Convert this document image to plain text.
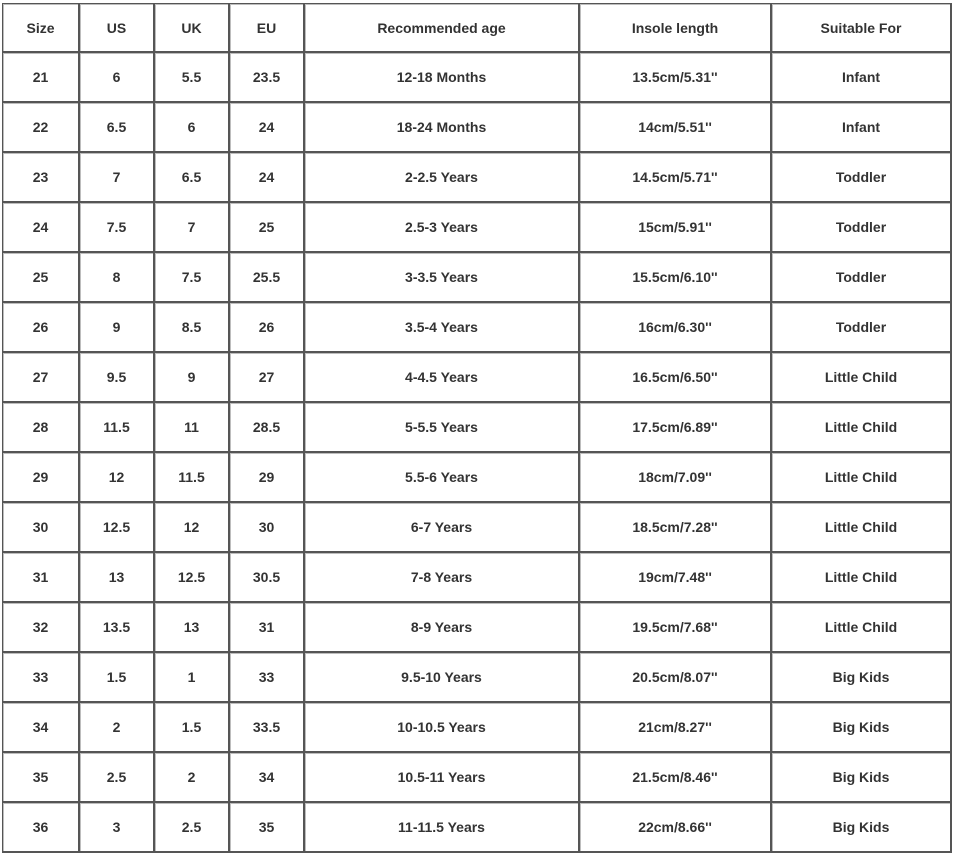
Size	US	UK	EU	Recommended age	Insole length	Suitable For
21	6	5.5	23.5	12-18 Months	13.5cm/5.31''	Infant
22	6.5	6	24	18-24 Months	14cm/5.51''	Infant
23	7	6.5	24	2-2.5 Years	14.5cm/5.71''	Toddler
24	7.5	7	25	2.5-3 Years	15cm/5.91''	Toddler
25	8	7.5	25.5	3-3.5 Years	15.5cm/6.10''	Toddler
26	9	8.5	26	3.5-4 Years	16cm/6.30''	Toddler
27	9.5	9	27	4-4.5 Years	16.5cm/6.50''	Little Child
28	11.5	11	28.5	5-5.5 Years	17.5cm/6.89''	Little Child
29	12	11.5	29	5.5-6 Years	18cm/7.09''	Little Child
30	12.5	12	30	6-7 Years	18.5cm/7.28''	Little Child
31	13	12.5	30.5	7-8 Years	19cm/7.48''	Little Child
32	13.5	13	31	8-9 Years	19.5cm/7.68''	Little Child
33	1.5	1	33	9.5-10 Years	20.5cm/8.07''	Big Kids
34	2	1.5	33.5	10-10.5 Years	21cm/8.27''	Big Kids
35	2.5	2	34	10.5-11 Years	21.5cm/8.46''	Big Kids
36	3	2.5	35	11-11.5 Years	22cm/8.66''	Big Kids
